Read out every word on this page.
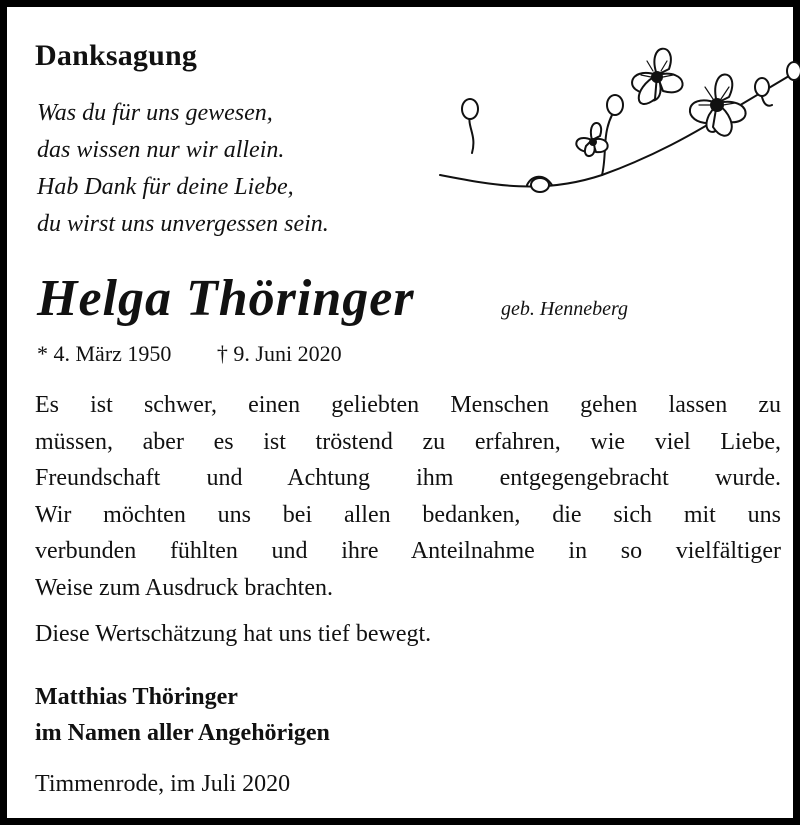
Danksagung
Was du für uns gewesen,
das wissen nur wir allein.
Hab Dank für deine Liebe,
du wirst uns unvergessen sein.
Helga Thöringer	geb. Henneberg
* 4. März 1950 † 9. Juni 2020
Es ist schwer, einen geliebten Menschen gehen lassen zu
müssen, aber es ist tröstend zu erfahren, wie viel Liebe,
Freundschaft und Achtung ihm entgegengebracht wurde.
Wir möchten uns bei allen bedanken, die sich mit uns
verbunden fühlten und ihre Anteilnahme in so vielfältiger
Weise zum Ausdruck brachten.
Diese Wertschätzung hat uns tief bewegt.
Matthias Thöringer
im Namen aller Angehörigen
Timmenrode, im Juli 2020
